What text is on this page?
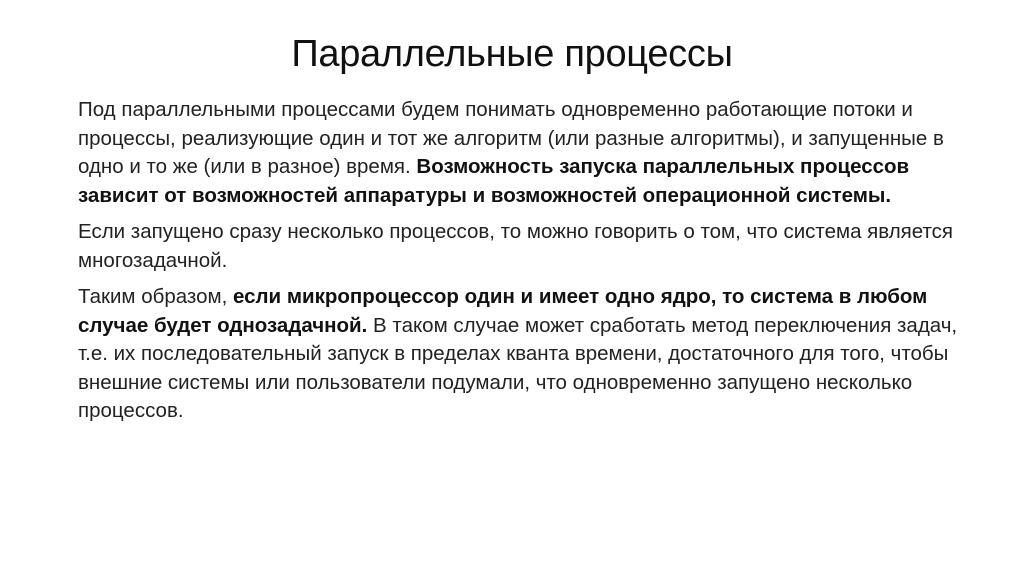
Параллельные процессы

Под параллельными процессами будем понимать одновременно работающие потоки и процессы, реализующие один и тот же алгоритм (или разные алгоритмы), и запущенные в одно и то же (или в разное) время. Возможность запуска параллельных процессов зависит от возможностей аппаратуры и возможностей операционной системы.

Если запущено сразу несколько процессов, то можно говорить о том, что система является многозадачной.

Таким образом, если микропроцессор один и имеет одно ядро, то система в любом случае будет однозадачной. В таком случае может сработать метод переключения задач, т.е. их последовательный запуск в пределах кванта времени, достаточного для того, чтобы внешние системы или пользователи подумали, что одновременно запущено несколько процессов.
